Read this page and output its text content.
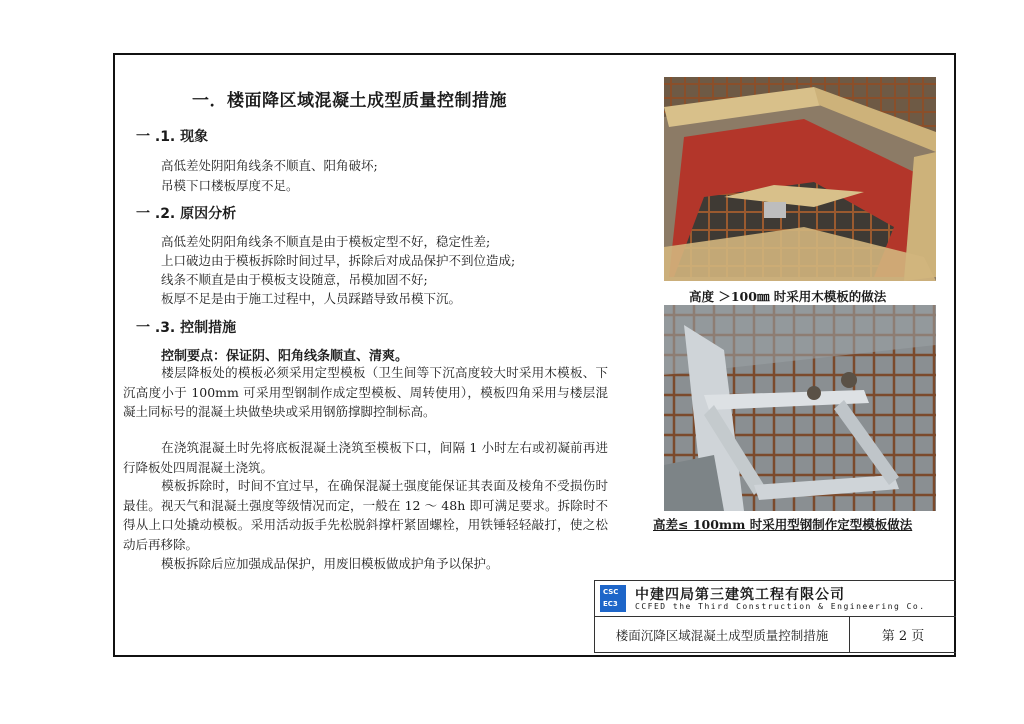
一．楼面降区域混凝土成型质量控制措施
一 .1. 现象
高低差处阴阳角线条不顺直、阳角破坏;
吊模下口楼板厚度不足。
一 .2. 原因分析
高低差处阴阳角线条不顺直是由于模板定型不好，稳定性差;
上口破边由于模板拆除时间过早，拆除后对成品保护不到位造成;
线条不顺直是由于模板支设随意，吊模加固不好;
板厚不足是由于施工过程中，人员踩踏导致吊模下沉。
一 .3. 控制措施
控制要点：保证阴、阳角线条顺直、清爽。
楼层降板处的模板必须采用定型模板（卫生间等下沉高度较大时采用木模板、下沉高度小于 100mm 可采用型钢制作成定型模板、周转使用），模板四角采用与楼层混凝土同标号的混凝土块做垫块或采用钢筋撑脚控制标高。
在浇筑混凝土时先将底板混凝土浇筑至模板下口，间隔 1 小时左右或初凝前再进行降板处四周混凝土浇筑。
模板拆除时，时间不宜过早，在确保混凝土强度能保证其表面及棱角不受损伤时最佳。视天气和混凝土强度等级情况而定，一般在 12 ～ 48h 即可满足要求。拆除时不得从上口处撬动模板。采用活动扳手先松脱斜撑杆紧固螺栓，用铁锤轻轻敲打，使之松动后再移除。
模板拆除后应加强成品保护，用废旧模板做成护角予以保护。
高度 ＞100㎜ 时采用木模板的做法
高差≤ 100mm 时采用型钢制作定型模板做法
CSC
EC3
中建四局第三建筑工程有限公司
CCFED the Third Construction & Engineering Co.
楼面沉降区域混凝土成型质量控制措施	第 2 页
